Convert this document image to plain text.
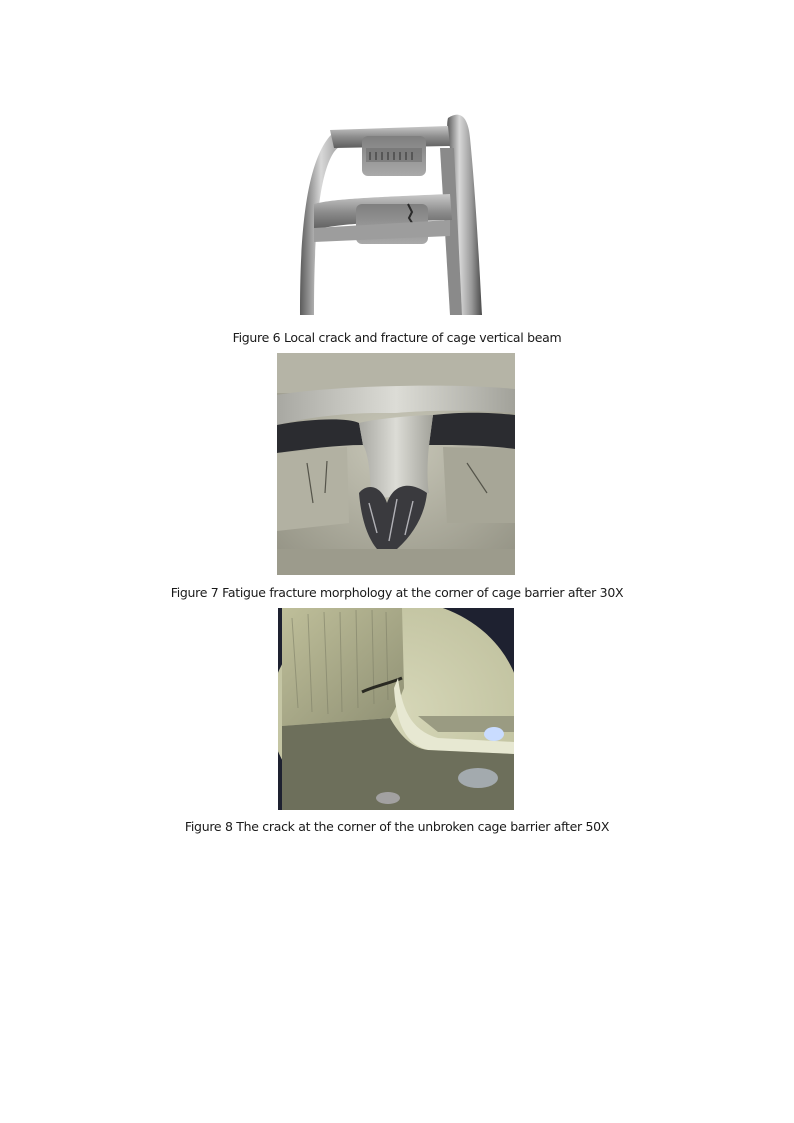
Figure 6 Local crack and fracture of cage vertical beam
Figure 7 Fatigue fracture morphology at the corner of cage barrier after 30X
Figure 8 The crack at the corner of the unbroken cage barrier after 50X
